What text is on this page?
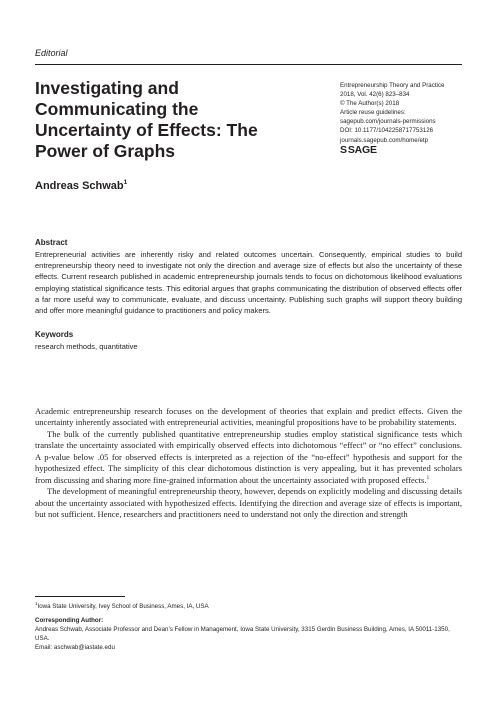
Editorial
Investigating and Communicating the Uncertainty of Effects: The Power of Graphs
Entrepreneurship Theory and Practice
2018, Vol. 42(6) 823–834
© The Author(s) 2018
Article reuse guidelines:
sagepub.com/journals-permissions
DOI: 10.1177/1042258717753126
journals.sagepub.com/home/etp
S SAGE
Andreas Schwab$^1$
Abstract

Entrepreneurial activities are inherently risky and related outcomes uncertain. Consequently, empirical studies to build entrepreneurship theory need to investigate not only the direction and average size of effects but also the uncertainty of these effects. Current research published in academic entrepreneurship journals tends to focus on dichotomous likelihood evaluations employing statistical significance tests. This editorial argues that graphs communicating the distribution of observed effects offer a far more useful way to communicate, evaluate, and discuss uncertainty. Publishing such graphs will support theory building and offer more meaningful guidance to practitioners and policy makers.

Keywords
research methods, quantitative

Academic entrepreneurship research focuses on the development of theories that explain and predict effects. Given the uncertainty inherently associated with entrepreneurial activities, meaningful propositions have to be probability statements.

The bulk of the currently published quantitative entrepreneurship studies employ statistical significance tests which translate the uncertainty associated with empirically observed effects into dichotomous “effect” or “no effect” conclusions. A p-value below .05 for observed effects is interpreted as a rejection of the “no-effect” hypothesis and support for the hypothesized effect. The simplicity of this clear dichotomous distinction is very appealing, but it has prevented scholars from discussing and sharing more fine-grained information about the uncertainty associated with proposed effects.$^1$

The development of meaningful entrepreneurship theory, however, depends on explicitly modeling and discussing details about the uncertainty associated with hypothesized effects. Identifying the direction and average size of effects is important, but not sufficient. Hence, researchers and practitioners need to understand not only the direction and strength

$^1$Iowa State University, Ivey School of Business, Ames, IA, USA
Corresponding Author:
Andreas Schwab, Associate Professor and Dean’s Fellow in Management, Iowa State University, 3315 Gerdin Business Building, Ames, IA 50011-1350, USA.
Email: aschwab@iastate.edu
